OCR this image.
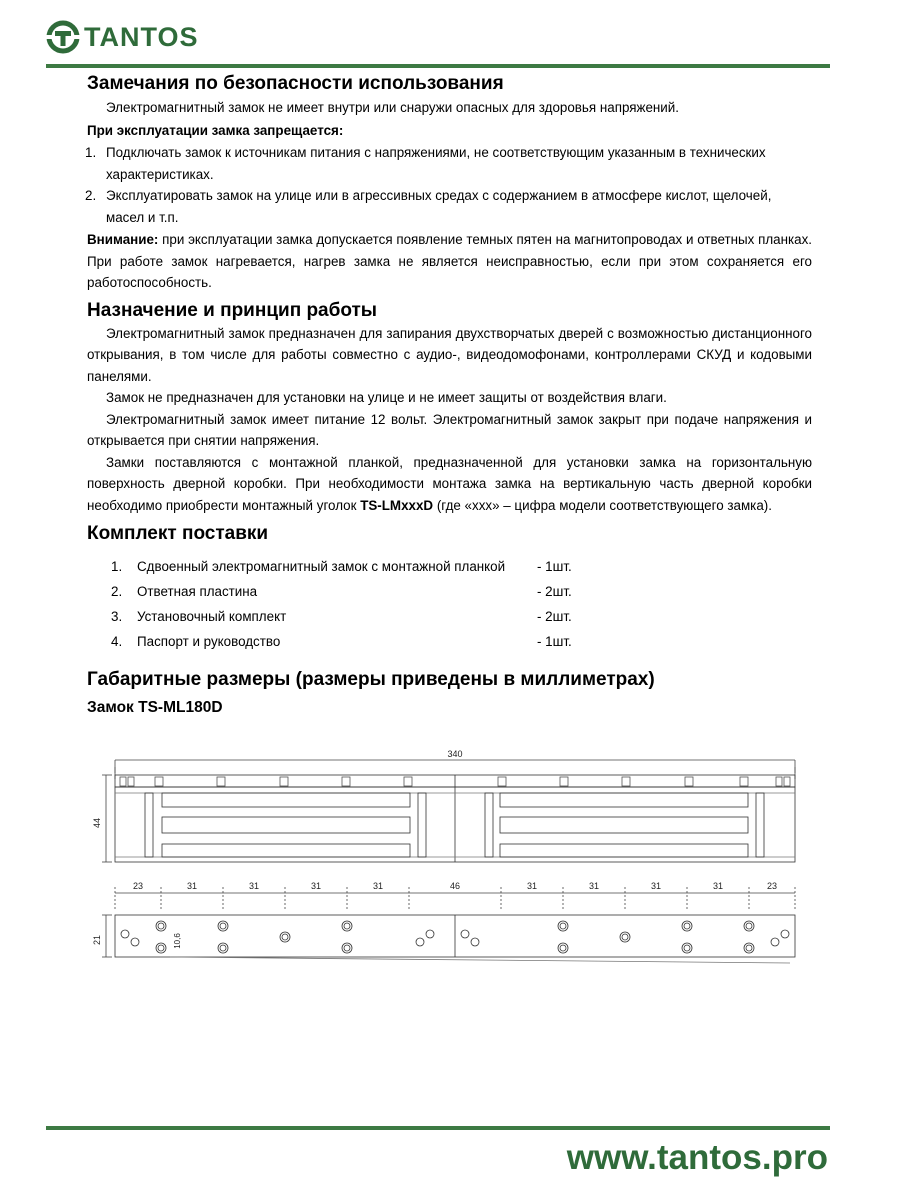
TANTOS
Замечания по безопасности использования

Электромагнитный замок не имеет внутри или снаружи опасных для здоровья напряжений.

При эксплуатации замка запрещается:

1. Подключать замок к источникам питания с напряжениями, не соответствующим указанным в технических характеристиках.
2. Эксплуатировать замок на улице или в агрессивных средах с содержанием в атмосфере кислот, щелочей, масел и т.п.

Внимание: при эксплуатации замка допускается появление темных пятен на магнитопроводах и ответных планках. При работе замок нагревается, нагрев замка не является неисправностью, если при этом сохраняется его работоспособность.

Назначение и принцип работы

Электромагнитный замок предназначен для запирания двухстворчатых дверей с возможностью дистанционного открывания, в том числе для работы совместно с аудио-, видеодомофонами, контроллерами СКУД и кодовыми панелями.

Замок не предназначен для установки на улице и не имеет защиты от воздействия влаги.

Электромагнитный замок имеет питание 12 вольт. Электромагнитный замок закрыт при подаче напряжения и открывается при снятии напряжения.

Замки поставляются с монтажной планкой, предназначенной для установки замка на горизонтальную поверхность дверной коробки. При необходимости монтажа замка на вертикальную часть дверной коробки необходимо приобрести монтажный уголок TS-LMxxxD (где «ххх» – цифра модели соответствующего замка).

Комплект поставки
1. Сдвоенный электромагнитный замок с монтажной планкой - 1шт.
2. Ответная пластина	- 2шт.
3. Установочный комплект	- 2шт.
4. Паспорт и руководство	- 1шт.
Габаритные размеры (размеры приведены в миллиметрах)
Замок TS-ML180D
340
44
23	31	31	31	31	46	31	31	31	31	23
21	10,6
www.tantos.pro
